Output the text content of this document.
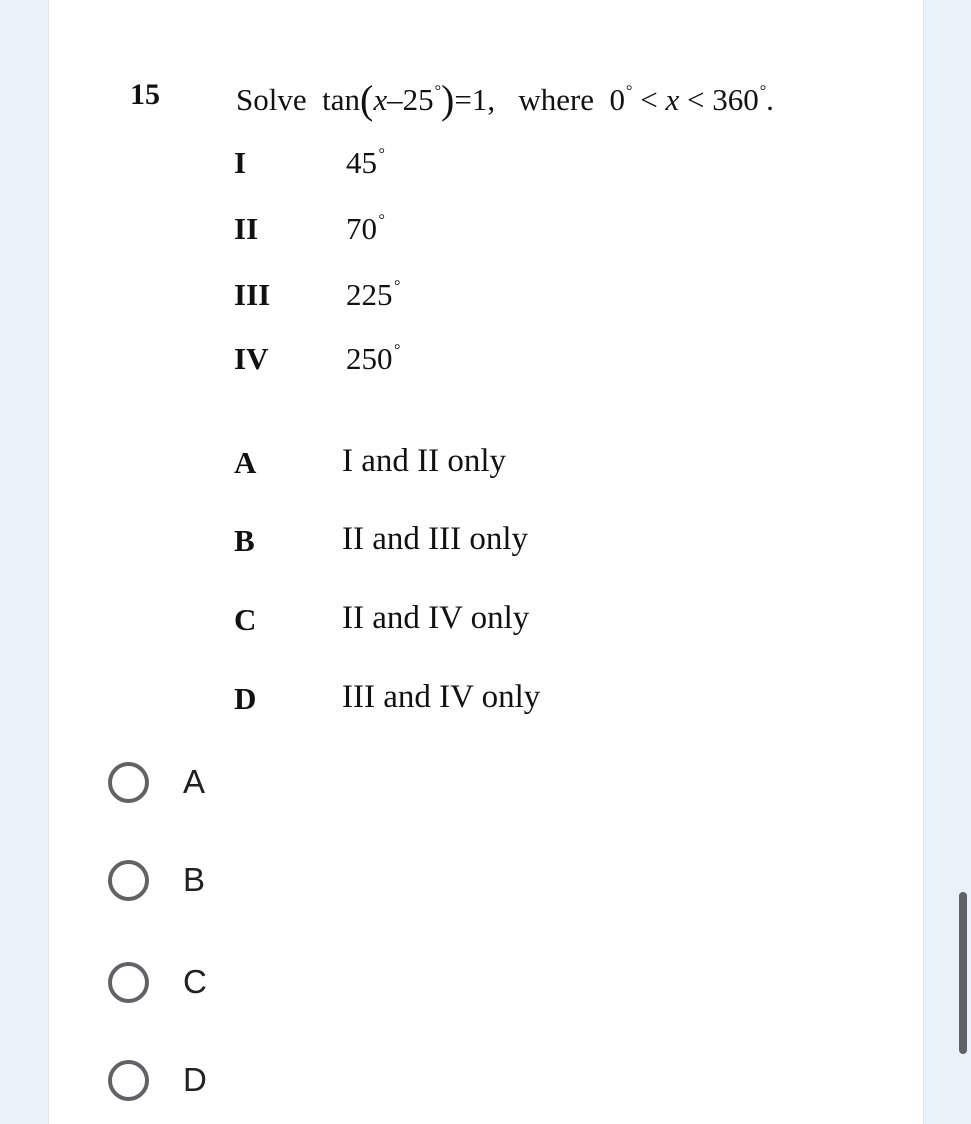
15 Solve tan(x–25°)=1, where 0° < x < 360°.
I	45°
II	70°
III 225°
IV	250°
A	I and II only
B	II and III only
C	II and IV only
D	III and IV only
A
B
C
D
